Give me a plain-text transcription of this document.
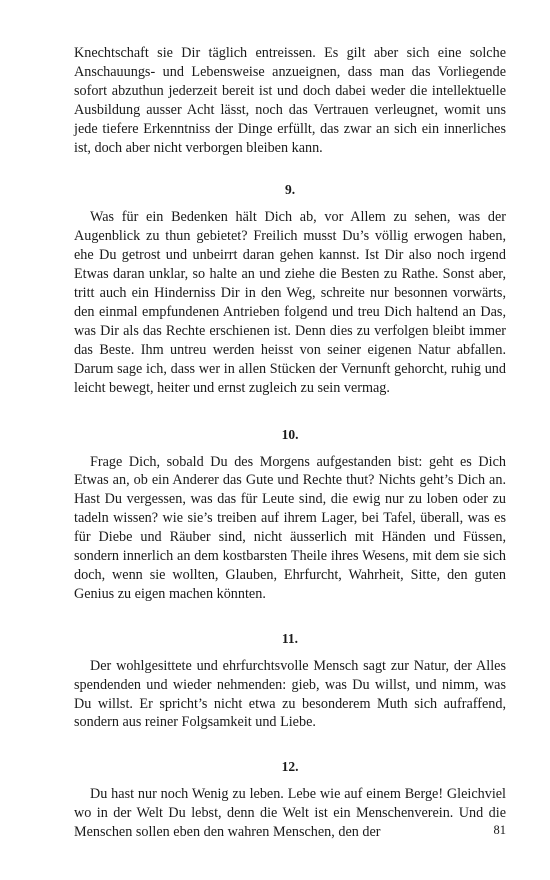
Knechtschaft sie Dir täglich entreissen. Es gilt aber sich eine solche Anschauungs- und Lebensweise anzueignen, dass man das Vorliegende sofort abzuthun jederzeit bereit ist und doch dabei weder die intellektuelle Ausbildung ausser Acht lässt, noch das Vertrauen verleugnet, womit uns jede tiefere Erkenntniss der Dinge erfüllt, das zwar an sich ein innerliches ist, doch aber nicht verborgen bleiben kann.

9.

Was für ein Bedenken hält Dich ab, vor Allem zu sehen, was der Augenblick zu thun gebietet? Freilich musst Du’s völlig erwogen haben, ehe Du getrost und unbeirrt daran gehen kannst. Ist Dir also noch irgend Etwas daran unklar, so halte an und ziehe die Besten zu Rathe. Sonst aber, tritt auch ein Hinderniss Dir in den Weg, schreite nur besonnen vorwärts, den einmal empfundenen Antrieben folgend und treu Dich haltend an Das, was Dir als das Rechte erschienen ist. Denn dies zu verfolgen bleibt immer das Beste. Ihm untreu werden heisst von seiner eigenen Natur abfallen. Darum sage ich, dass wer in allen Stücken der Vernunft gehorcht, ruhig und leicht bewegt, heiter und ernst zugleich zu sein vermag.

10.

Frage Dich, sobald Du des Morgens aufgestanden bist: geht es Dich Etwas an, ob ein Anderer das Gute und Rechte thut? Nichts geht’s Dich an. Hast Du vergessen, was das für Leute sind, die ewig nur zu loben oder zu tadeln wissen? wie sie’s treiben auf ihrem Lager, bei Tafel, überall, was es für Diebe und Räuber sind, nicht äusserlich mit Händen und Füssen, sondern innerlich an dem kostbarsten Theile ihres Wesens, mit dem sie sich doch, wenn sie wollten, Glauben, Ehrfurcht, Wahrheit, Sitte, den guten Genius zu eigen machen könnten.

11.

Der wohlgesittete und ehrfurchtsvolle Mensch sagt zur Natur, der Alles spendenden und wieder nehmenden: gieb, was Du willst, und nimm, was Du willst. Er spricht’s nicht etwa zu besonderem Muth sich aufraffend, sondern aus reiner Folgsamkeit und Liebe.

12.

Du hast nur noch Wenig zu leben. Lebe wie auf einem Berge! Gleichviel wo in der Welt Du lebst, denn die Welt ist ein Menschenverein. Und die Menschen sollen eben den wahren Menschen, den der	81
